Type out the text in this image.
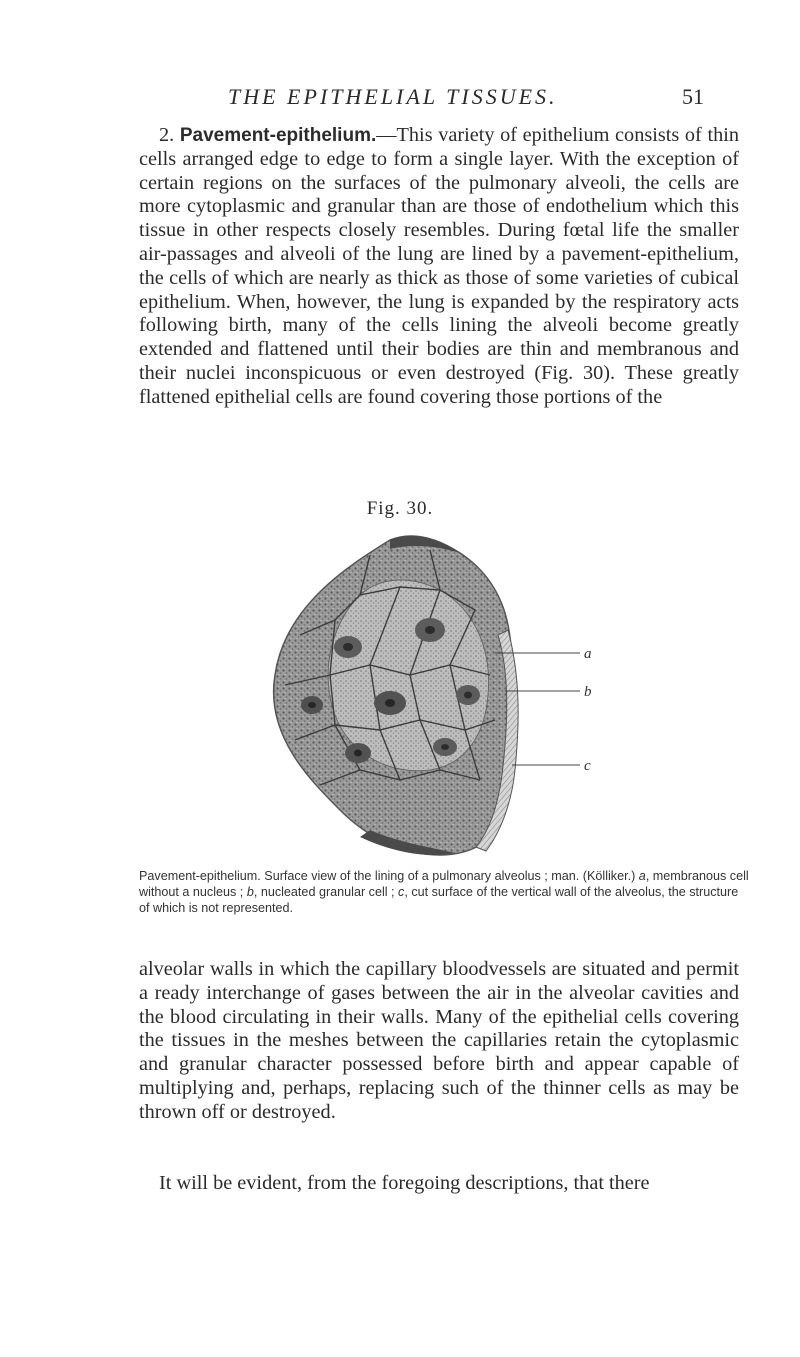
THE EPITHELIAL TISSUES.	51

2. Pavement-epithelium.—This variety of epithelium consists of thin cells arranged edge to edge to form a single layer. With the exception of certain regions on the surfaces of the pulmonary alveoli, the cells are more cytoplasmic and granular than are those of endothelium which this tissue in other respects closely resembles. During fœtal life the smaller air-passages and alveoli of the lung are lined by a pavement-epithelium, the cells of which are nearly as thick as those of some varieties of cubical epithelium. When, however, the lung is expanded by the respiratory acts following birth, many of the cells lining the alveoli become greatly extended and flattened until their bodies are thin and membranous and their nuclei inconspicuous or even destroyed (Fig. 30). These greatly flattened epithelial cells are found covering those portions of the

Fig. 30.
a
b
c

Pavement-epithelium. Surface view of the lining of a pulmonary alveolus ; man. (Kölliker.) a, membranous cell without a nucleus ; b, nucleated granular cell ; c, cut surface of the vertical wall of the alveolus, the structure of which is not represented.

alveolar walls in which the capillary bloodvessels are situated and permit a ready interchange of gases between the air in the alveolar cavities and the blood circulating in their walls. Many of the epithelial cells covering the tissues in the meshes between the capillaries retain the cytoplasmic and granular character possessed before birth and appear capable of multiplying and, perhaps, replacing such of the thinner cells as may be thrown off or destroyed.

It will be evident, from the foregoing descriptions, that there
